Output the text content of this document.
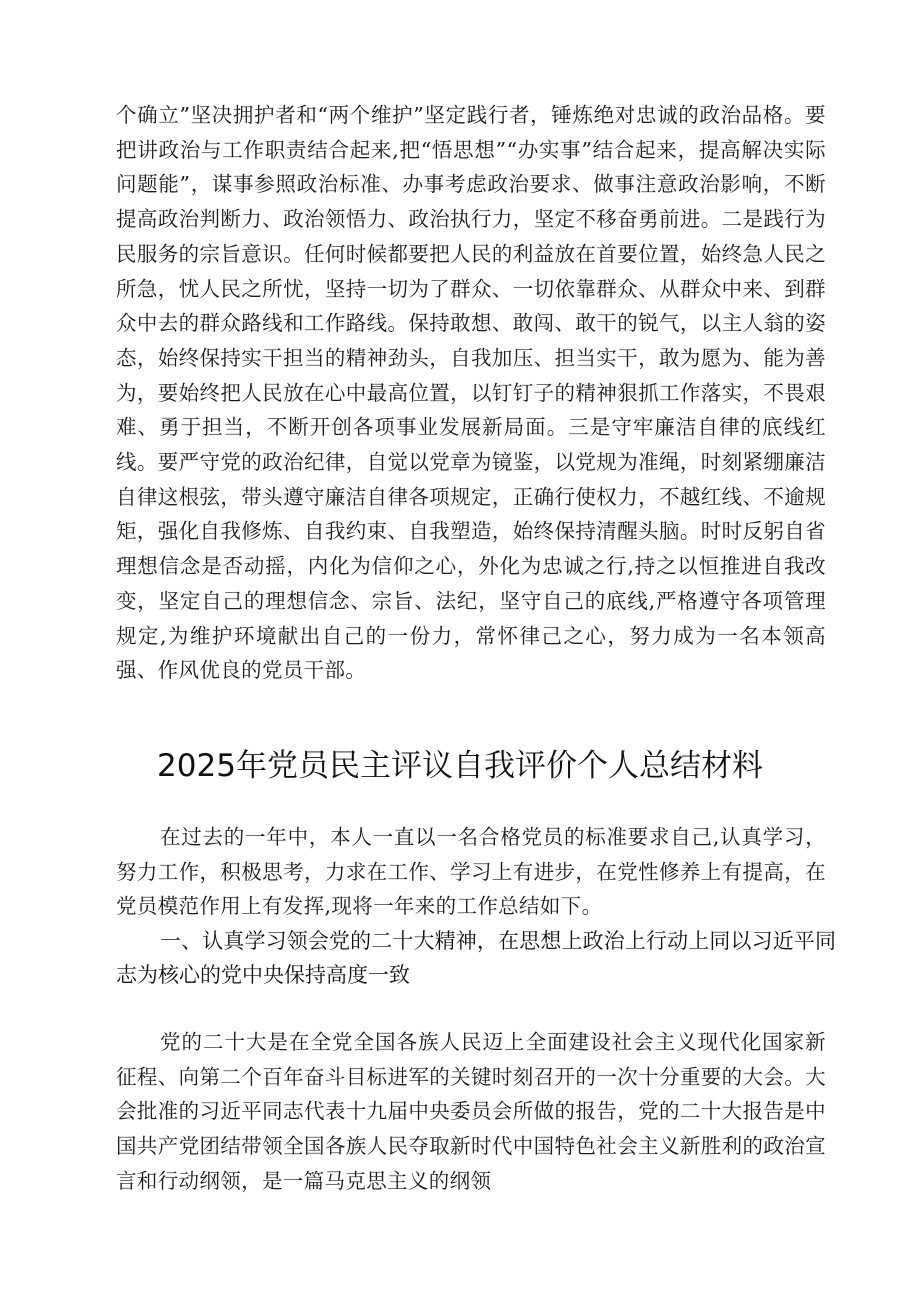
个确立”坚决拥护者和“两个维护”坚定践行者，锤炼绝对忠诚的政治品格。要把讲政治与工作职责结合起来,把“悟思想”“办实事”结合起来，提高解决实际问题能”，谋事参照政治标准、办事考虑政治要求、做事注意政治影响，不断提高政治判断力、政治领悟力、政治执行力，坚定不移奋勇前进。二是践行为民服务的宗旨意识。任何时候都要把人民的利益放在首要位置，始终急人民之所急，忧人民之所忧，坚持一切为了群众、一切依靠群众、从群众中来、到群众中去的群众路线和工作路线。保持敢想、敢闯、敢干的锐气，以主人翁的姿态，始终保持实干担当的精神劲头，自我加压、担当实干，敢为愿为、能为善为，要始终把人民放在心中最高位置，以钉钉子的精神狠抓工作落实，不畏艰难、勇于担当，不断开创各项事业发展新局面。三是守牢廉洁自律的底线红线。要严守党的政治纪律，自觉以党章为镜鉴，以党规为准绳，时刻紧绷廉洁自律这根弦，带头遵守廉洁自律各项规定，正确行使权力，不越红线、不逾规矩，强化自我修炼、自我约束、自我塑造，始终保持清醒头脑。时时反躬自省理想信念是否动摇，内化为信仰之心，外化为忠诚之行,持之以恒推进自我改变，坚定自己的理想信念、宗旨、法纪，坚守自己的底线,严格遵守各项管理规定,为维护环境献出自己的一份力，常怀律己之心，努力成为一名本领高强、作风优良的党员干部。

2025年党员民主评议自我评价个人总结材料

在过去的一年中，本人一直以一名合格党员的标准要求自己,认真学习，努力工作，积极思考，力求在工作、学习上有进步，在党性修养上有提高，在党员模范作用上有发挥,现将一年来的工作总结如下。

一、认真学习领会党的二十大精神，在思想上政治上行动上同以习近平同志为核心的党中央保持高度一致

党的二十大是在全党全国各族人民迈上全面建设社会主义现代化国家新征程、向第二个百年奋斗目标进军的关键时刻召开的一次十分重要的大会。大会批准的习近平同志代表十九届中央委员会所做的报告，党的二十大报告是中国共产党团结带领全国各族人民夺取新时代中国特色社会主义新胜利的政治宣言和行动纲领，是一篇马克思主义的纲领
